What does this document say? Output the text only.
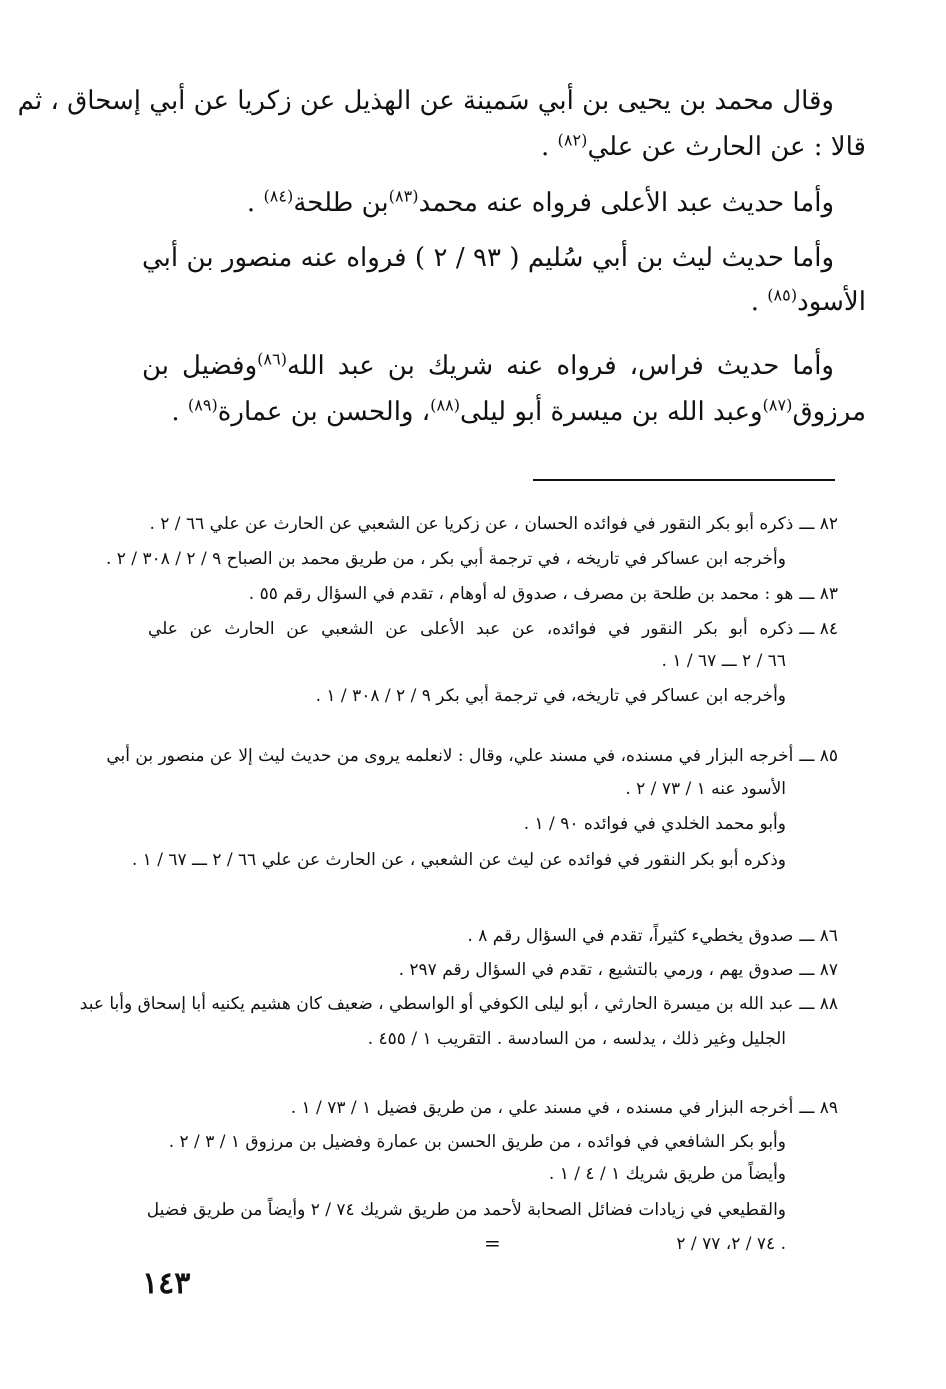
وقال محمد بن يحيى بن أبي سَمينة عن الهذيل عن زكريا عن أبي إسحاق ، ثم
قالا : عن الحارث عن علي$^{(٨٢)}$ .
وأما حديث عبد الأعلى فرواه عنه محمد$^{(٨٣)}$بن طلحة$^{(٨٤)}$ .
وأما حديث ليث بن أبي سُليم ( ٩٣ / ٢ ) فرواه عنه منصور بن أبي
الأسود$^{(٨٥)}$ .
وأما حديث فراس، فرواه عنه شريك بن عبد الله$^{(٨٦)}$وفضيل بن
مرزوق$^{(٨٧)}$وعبد الله بن ميسرة أبو ليلى$^{(٨٨)}$، والحسن بن عمارة$^{(٨٩)}$ .
٨٢ ـــذكره أبو بكر النقور في فوائده الحسان ، عن زكريا عن الشعبي عن الحارث عن علي ٦٦ / ٢ .
وأخرجه ابن عساكر في تاريخه ، في ترجمة أبي بكر ، من طريق محمد بن الصباح ٩ / ٢ / ٣٠٨ / ٢ .
٨٣ ـــهو : محمد بن طلحة بن مصرف ، صدوق له أوهام ، تقدم في السؤال رقم ٥٥ .
٨٤ ـــذكره أبو بكر النقور في فوائده، عن عبد الأعلى عن الشعبي عن الحارث عن علي
٦٦ / ٢ ـــ ٦٧ / ١ .
وأخرجه ابن عساكر في تاريخه، في ترجمة أبي بكر ٩ / ٢ / ٣٠٨ / ١ .
٨٥ ـــأخرجه البزار في مسنده، في مسند علي، وقال : لانعلمه يروى من حديث ليث إلا عن منصور بن أبي
الأسود عنه ١ / ٧٣ / ٢ .
وأبو محمد الخلدي في فوائده ٩٠ / ١ .
وذكره أبو بكر النقور في فوائده عن ليث عن الشعبي ، عن الحارث عن علي ٦٦ / ٢ ـــ ٦٧ / ١ .
٨٦ ـــصدوق يخطيء كثيراً، تقدم في السؤال رقم ٨ .
٨٧ ـــصدوق يهم ، ورمي بالتشيع ، تقدم في السؤال رقم ٢٩٧ .
٨٨ ـــعبد الله بن ميسرة الحارثي ، أبو ليلى الكوفي أو الواسطي ، ضعيف كان هشيم يكنيه أبا إسحاق وأبا عبد
الجليل وغير ذلك ، يدلسه ، من السادسة . التقريب ١ / ٤٥٥ .
٨٩ ـــأخرجه البزار في مسنده ، في مسند علي ، من طريق فضيل ١ / ٧٣ / ١ .
وأبو بكر الشافعي في فوائده ، من طريق الحسن بن عمارة وفضيل بن مرزوق ١ / ٣ / ٢ .
وأيضاً من طريق شريك ١ / ٤ / ١ .
والقطيعي في زيادات فضائل الصحابة لأحمد من طريق شريك ٧٤ / ٢ وأيضاً من طريق فضيل
٧٤ / ٢، ٧٧ / ٢ .
=
١٤٣
